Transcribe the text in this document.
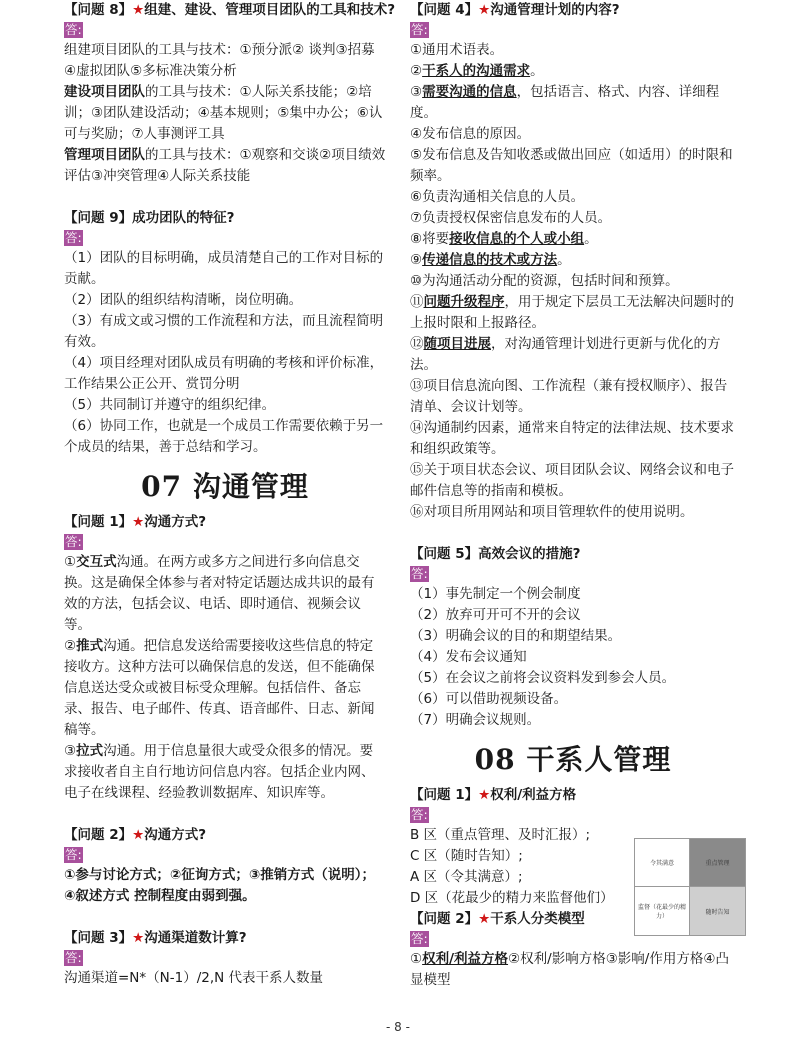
【问题 8】★组建、建设、管理项目团队的工具和技术?

答:

组建项目团队的工具与技术：①预分派② 谈判③招募④虚拟团队⑤多标准决策分析

建设项目团队的工具与技术：①人际关系技能；②培训；③团队建设活动；④基本规则；⑤集中办公；⑥认可与奖励；⑦人事测评工具

管理项目团队的工具与技术：①观察和交谈②项目绩效评估③冲突管理④人际关系技能

【问题 9】成功团队的特征?

答:

（1）团队的目标明确，成员清楚自己的工作对目标的贡献。

（2）团队的组织结构清晰，岗位明确。

（3）有成文或习惯的工作流程和方法，而且流程简明有效。

（4）项目经理对团队成员有明确的考核和评价标准，工作结果公正公开、赏罚分明

（5）共同制订并遵守的组织纪律。

（6）协同工作，也就是一个成员工作需要依赖于另一个成员的结果，善于总结和学习。

07 沟通管理

【问题 1】★沟通方式?

答:

①交互式沟通。在两方或多方之间进行多向信息交换。这是确保全体参与者对特定话题达成共识的最有效的方法，包括会议、电话、即时通信、视频会议等。

②推式沟通。把信息发送给需要接收这些信息的特定接收方。这种方法可以确保信息的发送，但不能确保信息送达受众或被目标受众理解。包括信件、备忘录、报告、电子邮件、传真、语音邮件、日志、新闻稿等。

③拉式沟通。用于信息量很大或受众很多的情况。要求接收者自主自行地访问信息内容。包括企业内网、电子在线课程、经验教训数据库、知识库等。

【问题 2】★沟通方式?

答:

①参与讨论方式；②征询方式；③推销方式（说明）；④叙述方式 控制程度由弱到强。

【问题 3】★沟通渠道数计算?

答:

沟通渠道=N*（N-1）/2,N 代表干系人数量

【问题 4】★沟通管理计划的内容?

答:

①通用术语表。

②干系人的沟通需求。

③需要沟通的信息，包括语言、格式、内容、详细程度。

④发布信息的原因。

⑤发布信息及告知收悉或做出回应（如适用）的时限和频率。

⑥负责沟通相关信息的人员。

⑦负责授权保密信息发布的人员。

⑧将要接收信息的个人或小组。

⑨传递信息的技术或方法。

⑩为沟通活动分配的资源，包括时间和预算。

⑪问题升级程序，用于规定下层员工无法解决问题时的上报时限和上报路径。

⑫随项目进展，对沟通管理计划进行更新与优化的方法。

⑬项目信息流向图、工作流程（兼有授权顺序）、报告清单、会议计划等。

⑭沟通制约因素，通常来自特定的法律法规、技术要求和组织政策等。

⑮关于项目状态会议、项目团队会议、网络会议和电子邮件信息等的指南和模板。

⑯对项目所用网站和项目管理软件的使用说明。

【问题 5】高效会议的措施?

答:

（1）事先制定一个例会制度

（2）放弃可开可不开的会议

（3）明确会议的目的和期望结果。

（4）发布会议通知

（5）在会议之前将会议资料发到参会人员。

（6）可以借助视频设备。

（7）明确会议规则。

08 干系人管理

【问题 1】★权利/利益方格

答:

B 区（重点管理、及时汇报）;

C 区（随时告知）;

A 区（令其满意）;

D 区（花最少的精力来监督他们）

【问题 2】★干系人分类模型

答:

①权利/利益方格②权利/影响方格③影响/作用方格④凸显模型

令其满意	重点管理
监督（花最少的精力）
随时告知
- 8 -
